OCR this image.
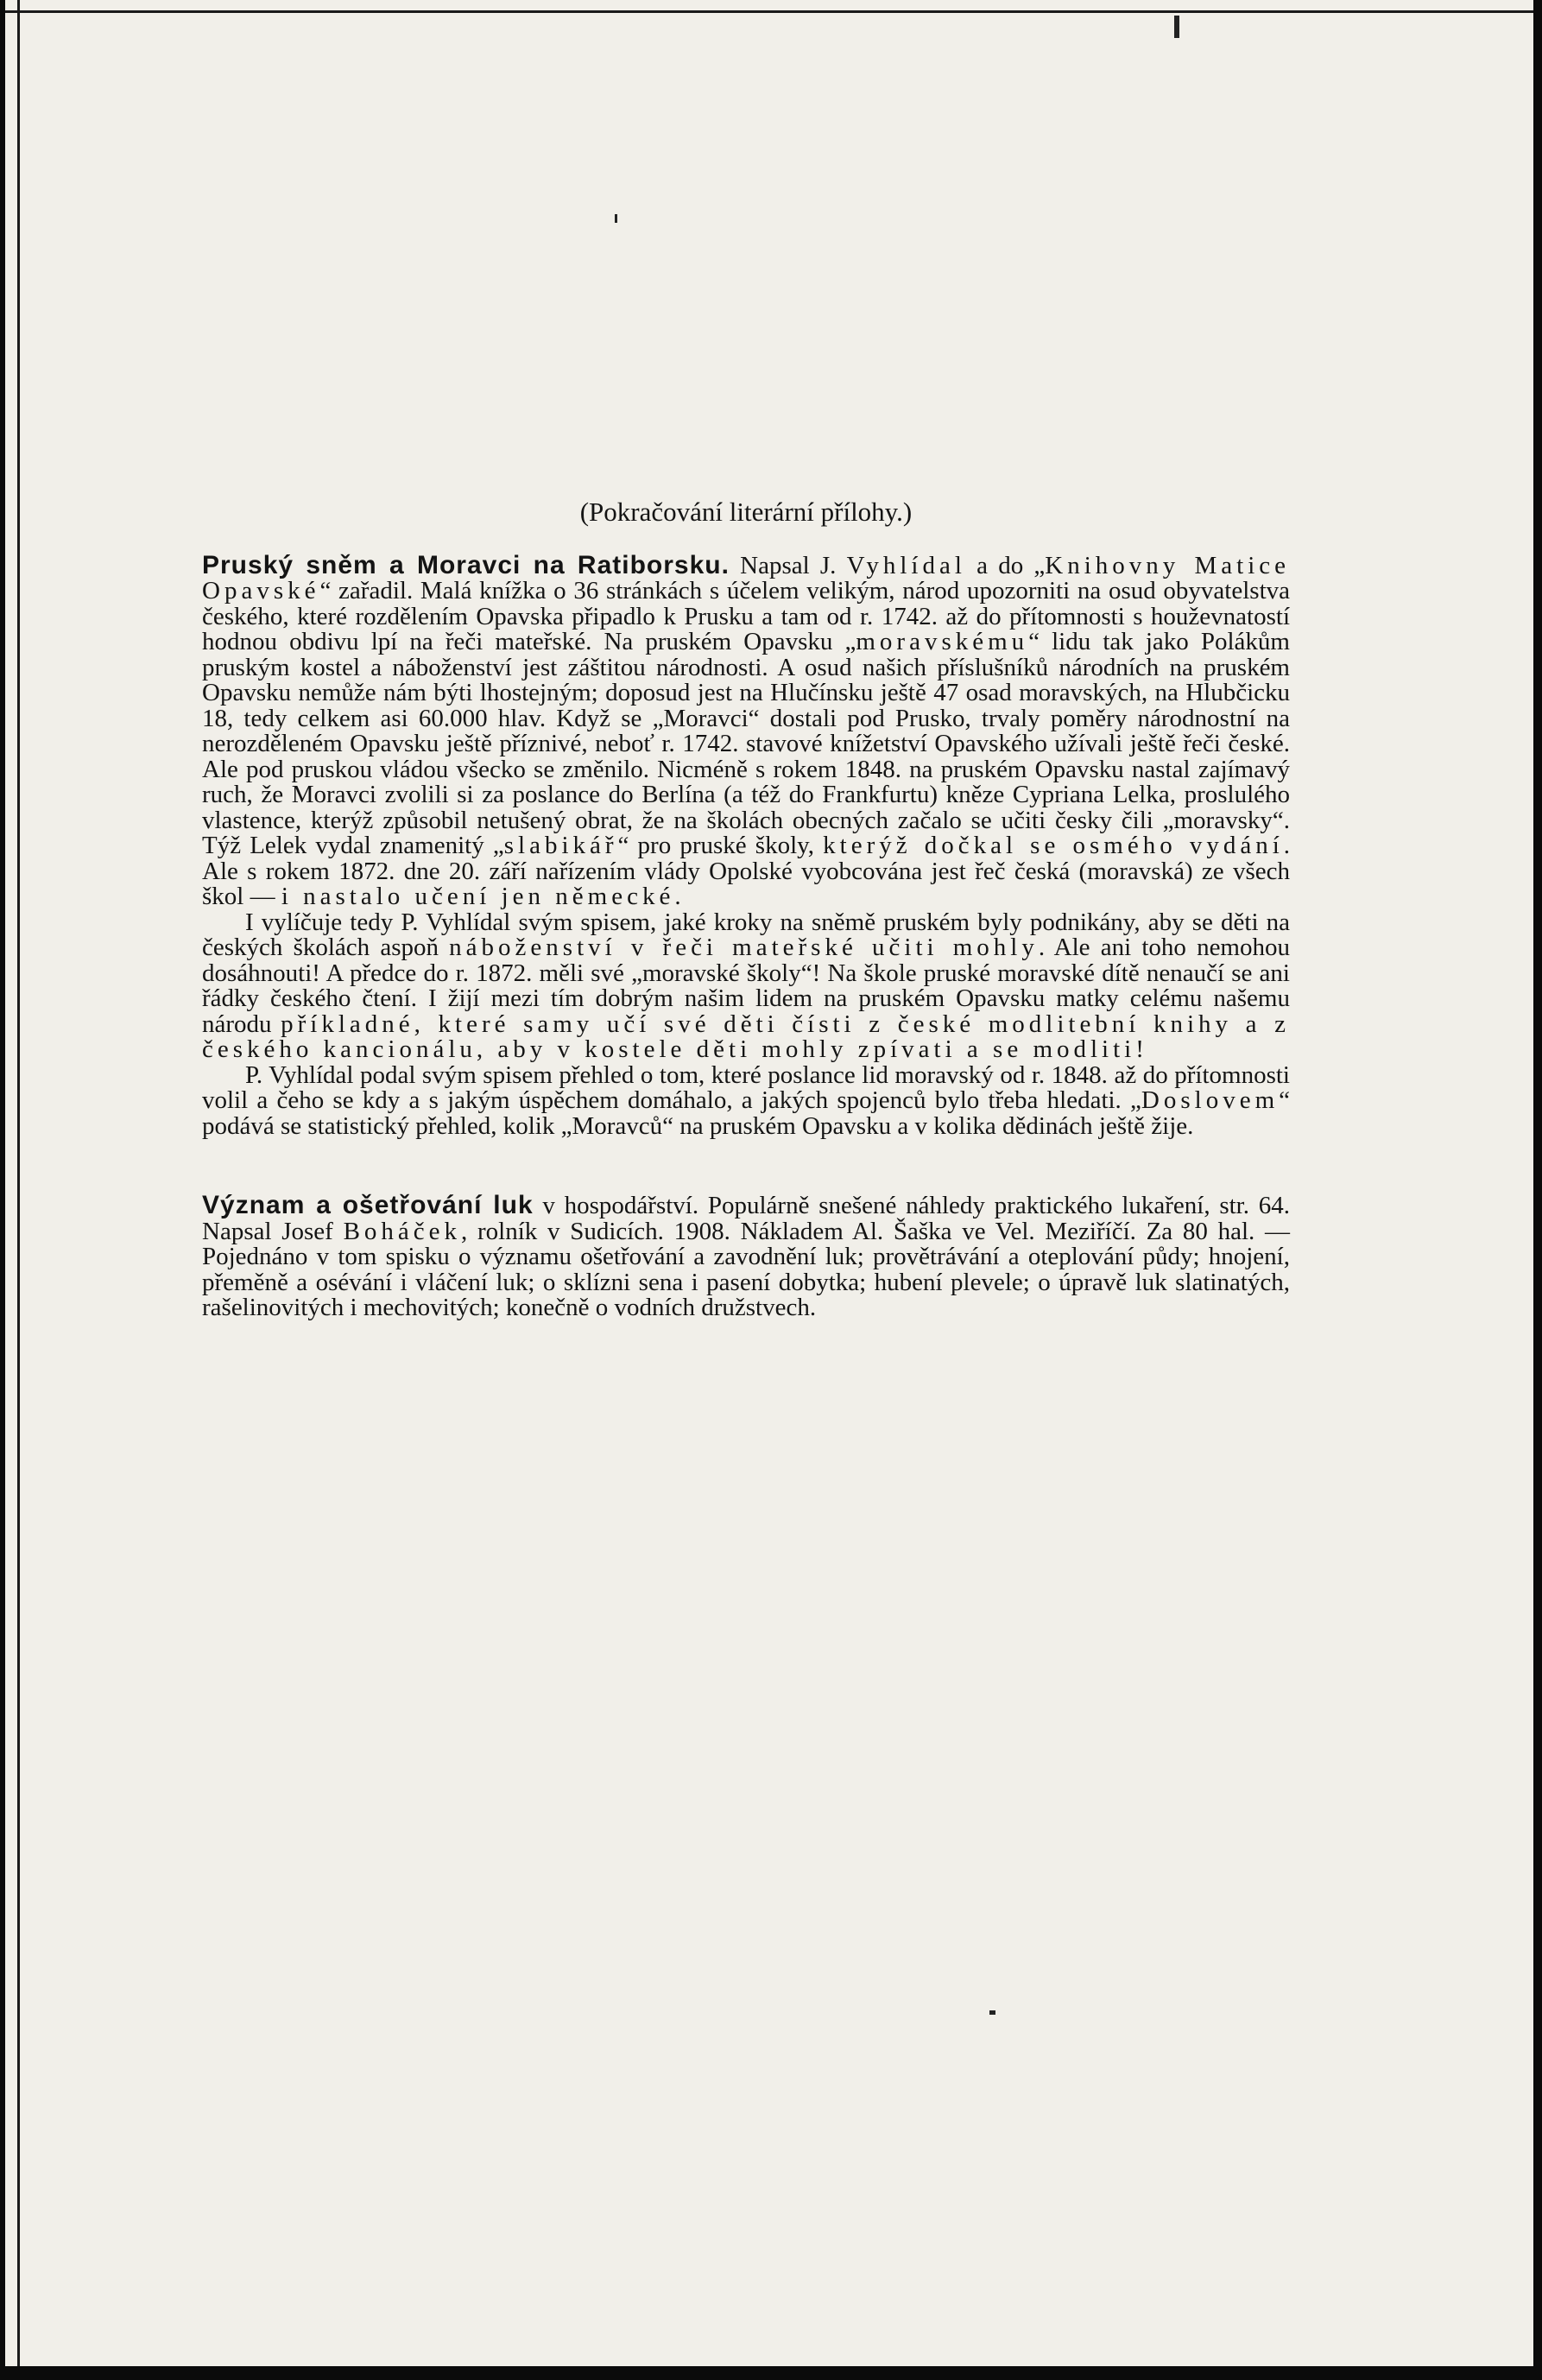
(Pokračování literární přílohy.)

Pruský sněm a Moravci na Ratiborsku. Napsal J. Vyhlídal a do „Knihovny Matice Opavské“ zařadil. Malá knížka o 36 stránkách s účelem velikým, národ upozorniti na osud obyvatelstva českého, které rozdělením Opavska připadlo k Prusku a tam od r. 1742. až do přítomnosti s houževnatostí hodnou obdivu lpí na řeči mateřské. Na pruském Opavsku „moravskému“ lidu tak jako Polákům pruským kostel a náboženství jest záštitou národnosti. A osud našich příslušníků národních na pruském Opavsku nemůže nám býti lhostejným; doposud jest na Hlučínsku ještě 47 osad moravských, na Hlubčicku 18, tedy celkem asi 60.000 hlav. Když se „Moravci“ dostali pod Prusko, trvaly poměry národnostní na nerozděleném Opavsku ještě příznivé, neboť r. 1742. stavové knížetství Opavského užívali ještě řeči české. Ale pod pruskou vládou všecko se změnilo. Nicméně s rokem 1848. na pruském Opavsku nastal zajímavý ruch, že Moravci zvolili si za poslance do Berlína (a též do Frankfurtu) kněze Cypriana Lelka, proslulého vlastence, kterýž způsobil netušený obrat, že na školách obecných začalo se učiti česky čili „moravsky“. Týž Lelek vydal znamenitý „slabikář“ pro pruské školy, kterýž dočkal se osmého vydání. Ale s rokem 1872. dne 20. září nařízením vlády Opolské vyobcována jest řeč česká (moravská) ze všech škol — i nastalo učení jen německé.

I vylíčuje tedy P. Vyhlídal svým spisem, jaké kroky na sněmě pruském byly podnikány, aby se děti na českých školách aspoň náboženství v řeči mateřské učiti mohly. Ale ani toho nemohou dosáhnouti! A předce do r. 1872. měli své „moravské školy“! Na škole pruské moravské dítě nenaučí se ani řádky českého čtení. I žijí mezi tím dobrým našim lidem na pruském Opavsku matky celému našemu národu příkladné, které samy učí své děti čísti z české modlitební knihy a z českého kancionálu, aby v kostele děti mohly zpívati a se modliti!

P. Vyhlídal podal svým spisem přehled o tom, které poslance lid moravský od r. 1848. až do přítomnosti volil a čeho se kdy a s jakým úspěchem domáhalo, a jakých spojenců bylo třeba hledati. „Doslovem“ podává se statistický přehled, kolik „Moravců“ na pruském Opavsku a v kolika dědinách ještě žije.

Význam a ošetřování luk v hospodářství. Populárně snešené náhledy praktického lukaření, str. 64. Napsal Josef Boháček, rolník v Sudicích. 1908. Nákladem Al. Šaška ve Vel. Meziříčí. Za 80 hal. — Pojednáno v tom spisku o významu ošetřování a zavodnění luk; provětrávání a oteplování půdy; hnojení, přeměně a osévání i vláčení luk; o sklízni sena i pasení dobytka; hubení plevele; o úpravě luk slatinatých, rašelinovitých i mechovitých; konečně o vodních družstvech.
